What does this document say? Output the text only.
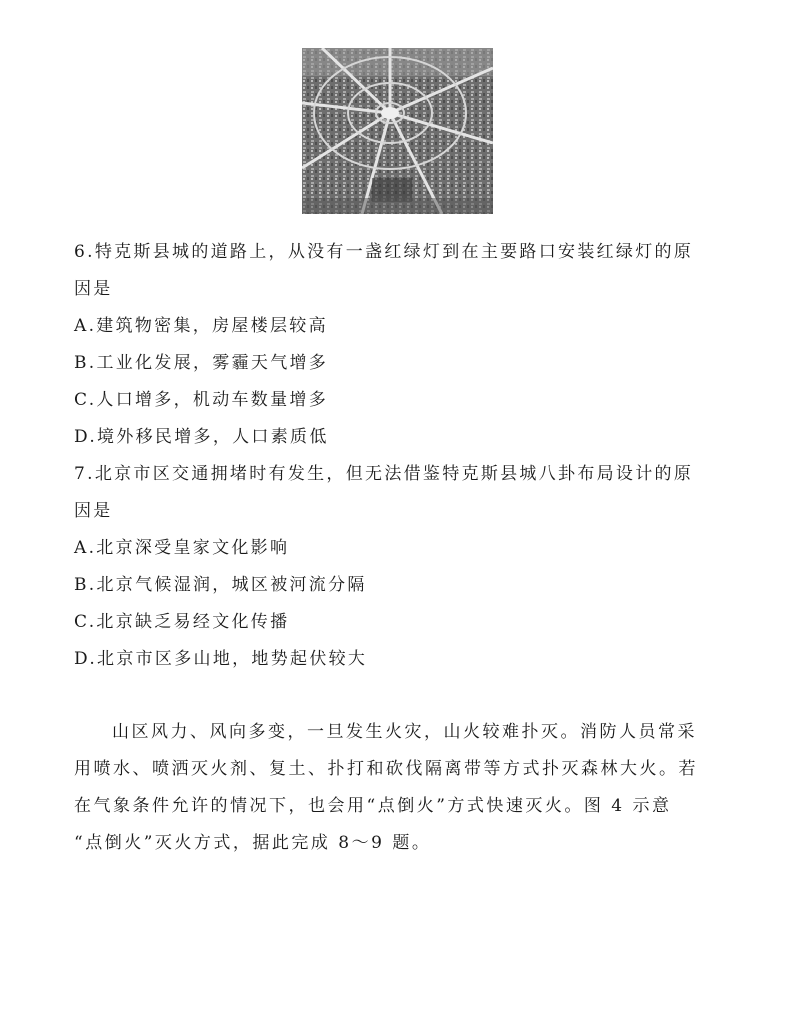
6.特克斯县城的道路上，从没有一盏红绿灯到在主要路口安装红绿灯的原
因是
A.建筑物密集，房屋楼层较高
B.工业化发展，雾霾天气增多
C.人口增多，机动车数量增多
D.境外移民增多，人口素质低
7.北京市区交通拥堵时有发生，但无法借鉴特克斯县城八卦布局设计的原
因是
A.北京深受皇家文化影响
B.北京气候湿润，城区被河流分隔
C.北京缺乏易经文化传播
D.北京市区多山地，地势起伏较大
山区风力、风向多变，一旦发生火灾，山火较难扑灭。消防人员常采
用喷水、喷洒灭火剂、复土、扑打和砍伐隔离带等方式扑灭森林大火。若
在气象条件允许的情况下，也会用“点倒火”方式快速灭火。图 4 示意
“点倒火”灭火方式，据此完成 8～9 题。
